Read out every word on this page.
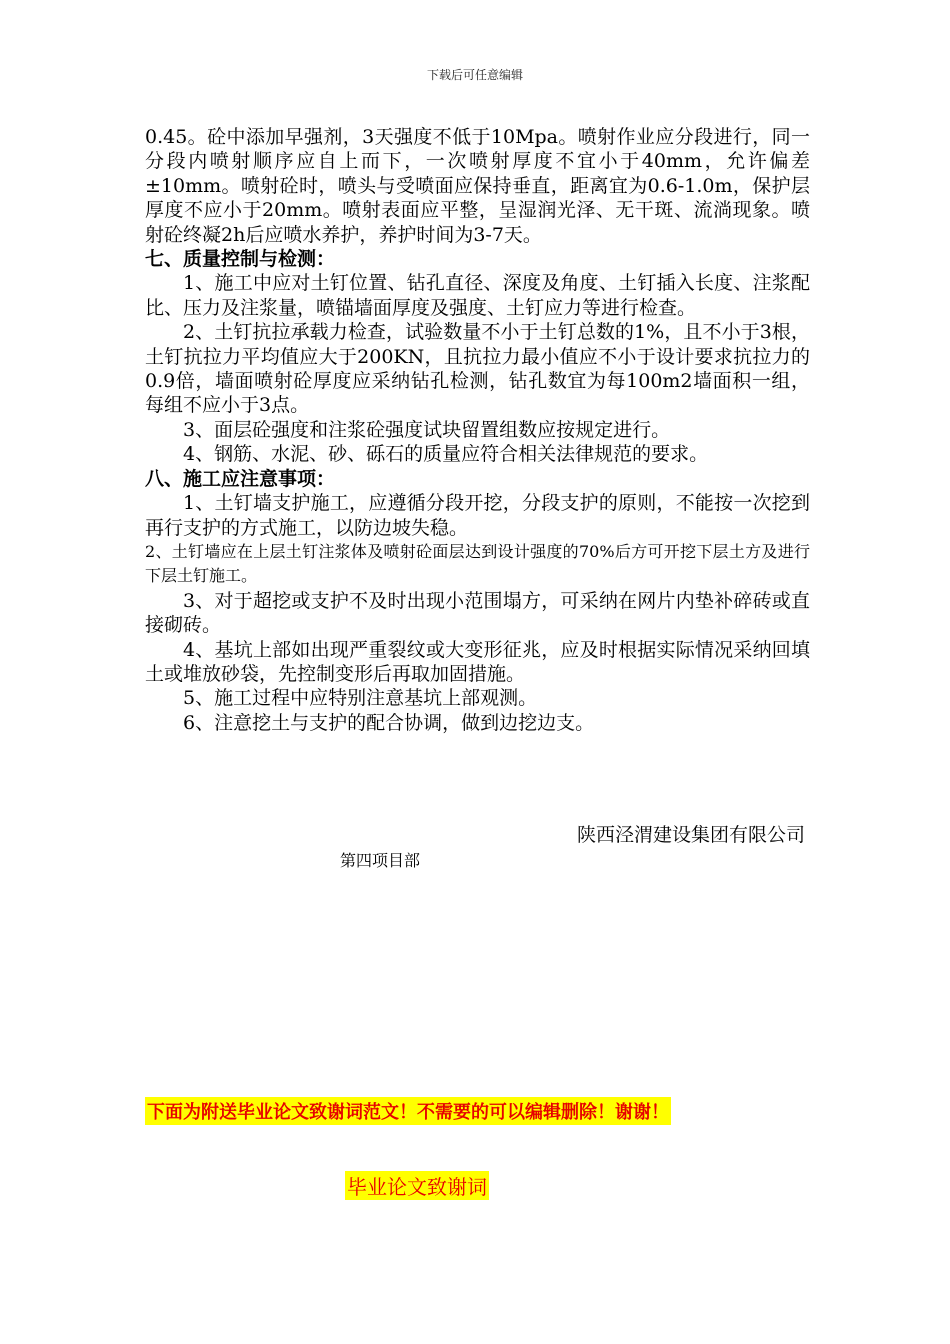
下载后可任意编辑

0.45。砼中添加早强剂，3天强度不低于10Mpa。喷射作业应分段进行，同一分段内喷射顺序应自上而下，一次喷射厚度不宜小于40mm，允许偏差±10mm。喷射砼时，喷头与受喷面应保持垂直，距离宜为0.6-1.0m，保护层厚度不应小于20mm。喷射表面应平整，呈湿润光泽、无干斑、流淌现象。喷射砼终凝2h后应喷水养护，养护时间为3-7天。

七、质量控制与检测：

1、施工中应对土钉位置、钻孔直径、深度及角度、土钉插入长度、注浆配比、压力及注浆量，喷锚墙面厚度及强度、土钉应力等进行检查。

2、土钉抗拉承载力检查，试验数量不小于土钉总数的1%，且不小于3根，土钉抗拉力平均值应大于200KN，且抗拉力最小值应不小于设计要求抗拉力的0.9倍，墙面喷射砼厚度应采纳钻孔检测，钻孔数宜为每100m2墙面积一组，每组不应小于3点。

3、面层砼强度和注浆砼强度试块留置组数应按规定进行。

4、钢筋、水泥、砂、砾石的质量应符合相关法律规范的要求。

八、施工应注意事项：

1、土钉墙支护施工，应遵循分段开挖，分段支护的原则，不能按一次挖到再行支护的方式施工，以防边坡失稳。

2、土钉墙应在上层土钉注浆体及喷射砼面层达到设计强度的70%后方可开挖下层土方及进行下层土钉施工。

3、对于超挖或支护不及时出现小范围塌方，可采纳在网片内垫补碎砖或直接砌砖。

4、基坑上部如出现严重裂纹或大变形征兆，应及时根据实际情况采纳回填土或堆放砂袋，先控制变形后再取加固措施。

5、施工过程中应特别注意基坑上部观测。

6、注意挖土与支护的配合协调，做到边挖边支。

陕西泾渭建设集团有限公司
第四项目部
下面为附送毕业论文致谢词范文！不需要的可以编辑删除！谢谢！
毕业论文致谢词
